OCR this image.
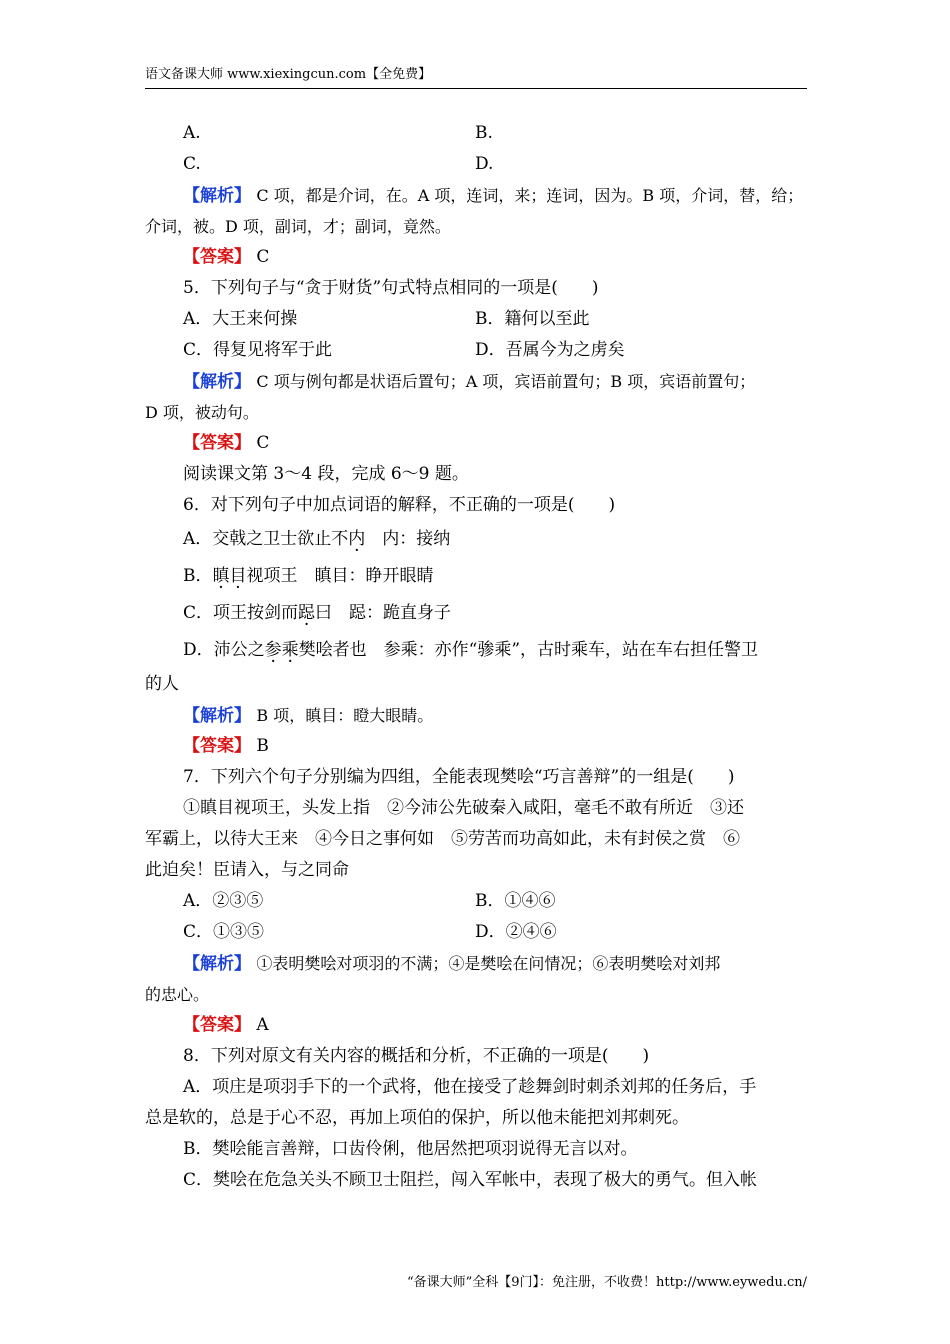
语文备课大师 www.xiexingcun.com【全免费】
A.	B.
C.	D.
【解析】 C 项，都是介词，在。A 项，连词，来；连词，因为。B 项，介词，替，给；
介词，被。D 项，副词，才；副词，竟然。
【答案】 C
5．下列句子与“贪于财货”句式特点相同的一项是(　　)
A．大王来何操	B．籍何以至此
C．得复见将军于此	D．吾属今为之虏矣
【解析】 C 项与例句都是状语后置句；A 项，宾语前置句；B 项，宾语前置句；
D 项，被动句。
【答案】 C
阅读课文第 3～4 段，完成 6～9 题。
6．对下列句子中加点词语的解释，不正确的一项是(　　)
A．交戟之卫士欲止不内　内：接纳
B．瞋目视项王　瞋目：睁开眼睛
C．项王按剑而跽曰　跽：跪直身子
D．沛公之参乘樊哙者也　参乘：亦作“骖乘”，古时乘车，站在车右担任警卫
的人
【解析】 B 项，瞋目：瞪大眼睛。
【答案】 B
7．下列六个句子分别编为四组，全能表现樊哙“巧言善辩”的一组是(　　)
①瞋目视项王，头发上指　②今沛公先破秦入咸阳，毫毛不敢有所近　③还
军霸上，以待大王来　④今日之事何如　⑤劳苦而功高如此，未有封侯之赏　⑥
此迫矣！臣请入，与之同命
A．②③⑤	B．①④⑥
C．①③⑤	D．②④⑥
【解析】 ①表明樊哙对项羽的不满；④是樊哙在问情况；⑥表明樊哙对刘邦
的忠心。
【答案】 A
8．下列对原文有关内容的概括和分析，不正确的一项是(　　)
A．项庄是项羽手下的一个武将，他在接受了趁舞剑时刺杀刘邦的任务后，手
总是软的，总是于心不忍，再加上项伯的保护，所以他未能把刘邦刺死。
B．樊哙能言善辩，口齿伶俐，他居然把项羽说得无言以对。
C．樊哙在危急关头不顾卫士阻拦，闯入军帐中，表现了极大的勇气。但入帐
“备课大师”全科【9门】：免注册，不收费！http://www.eywedu.cn/
